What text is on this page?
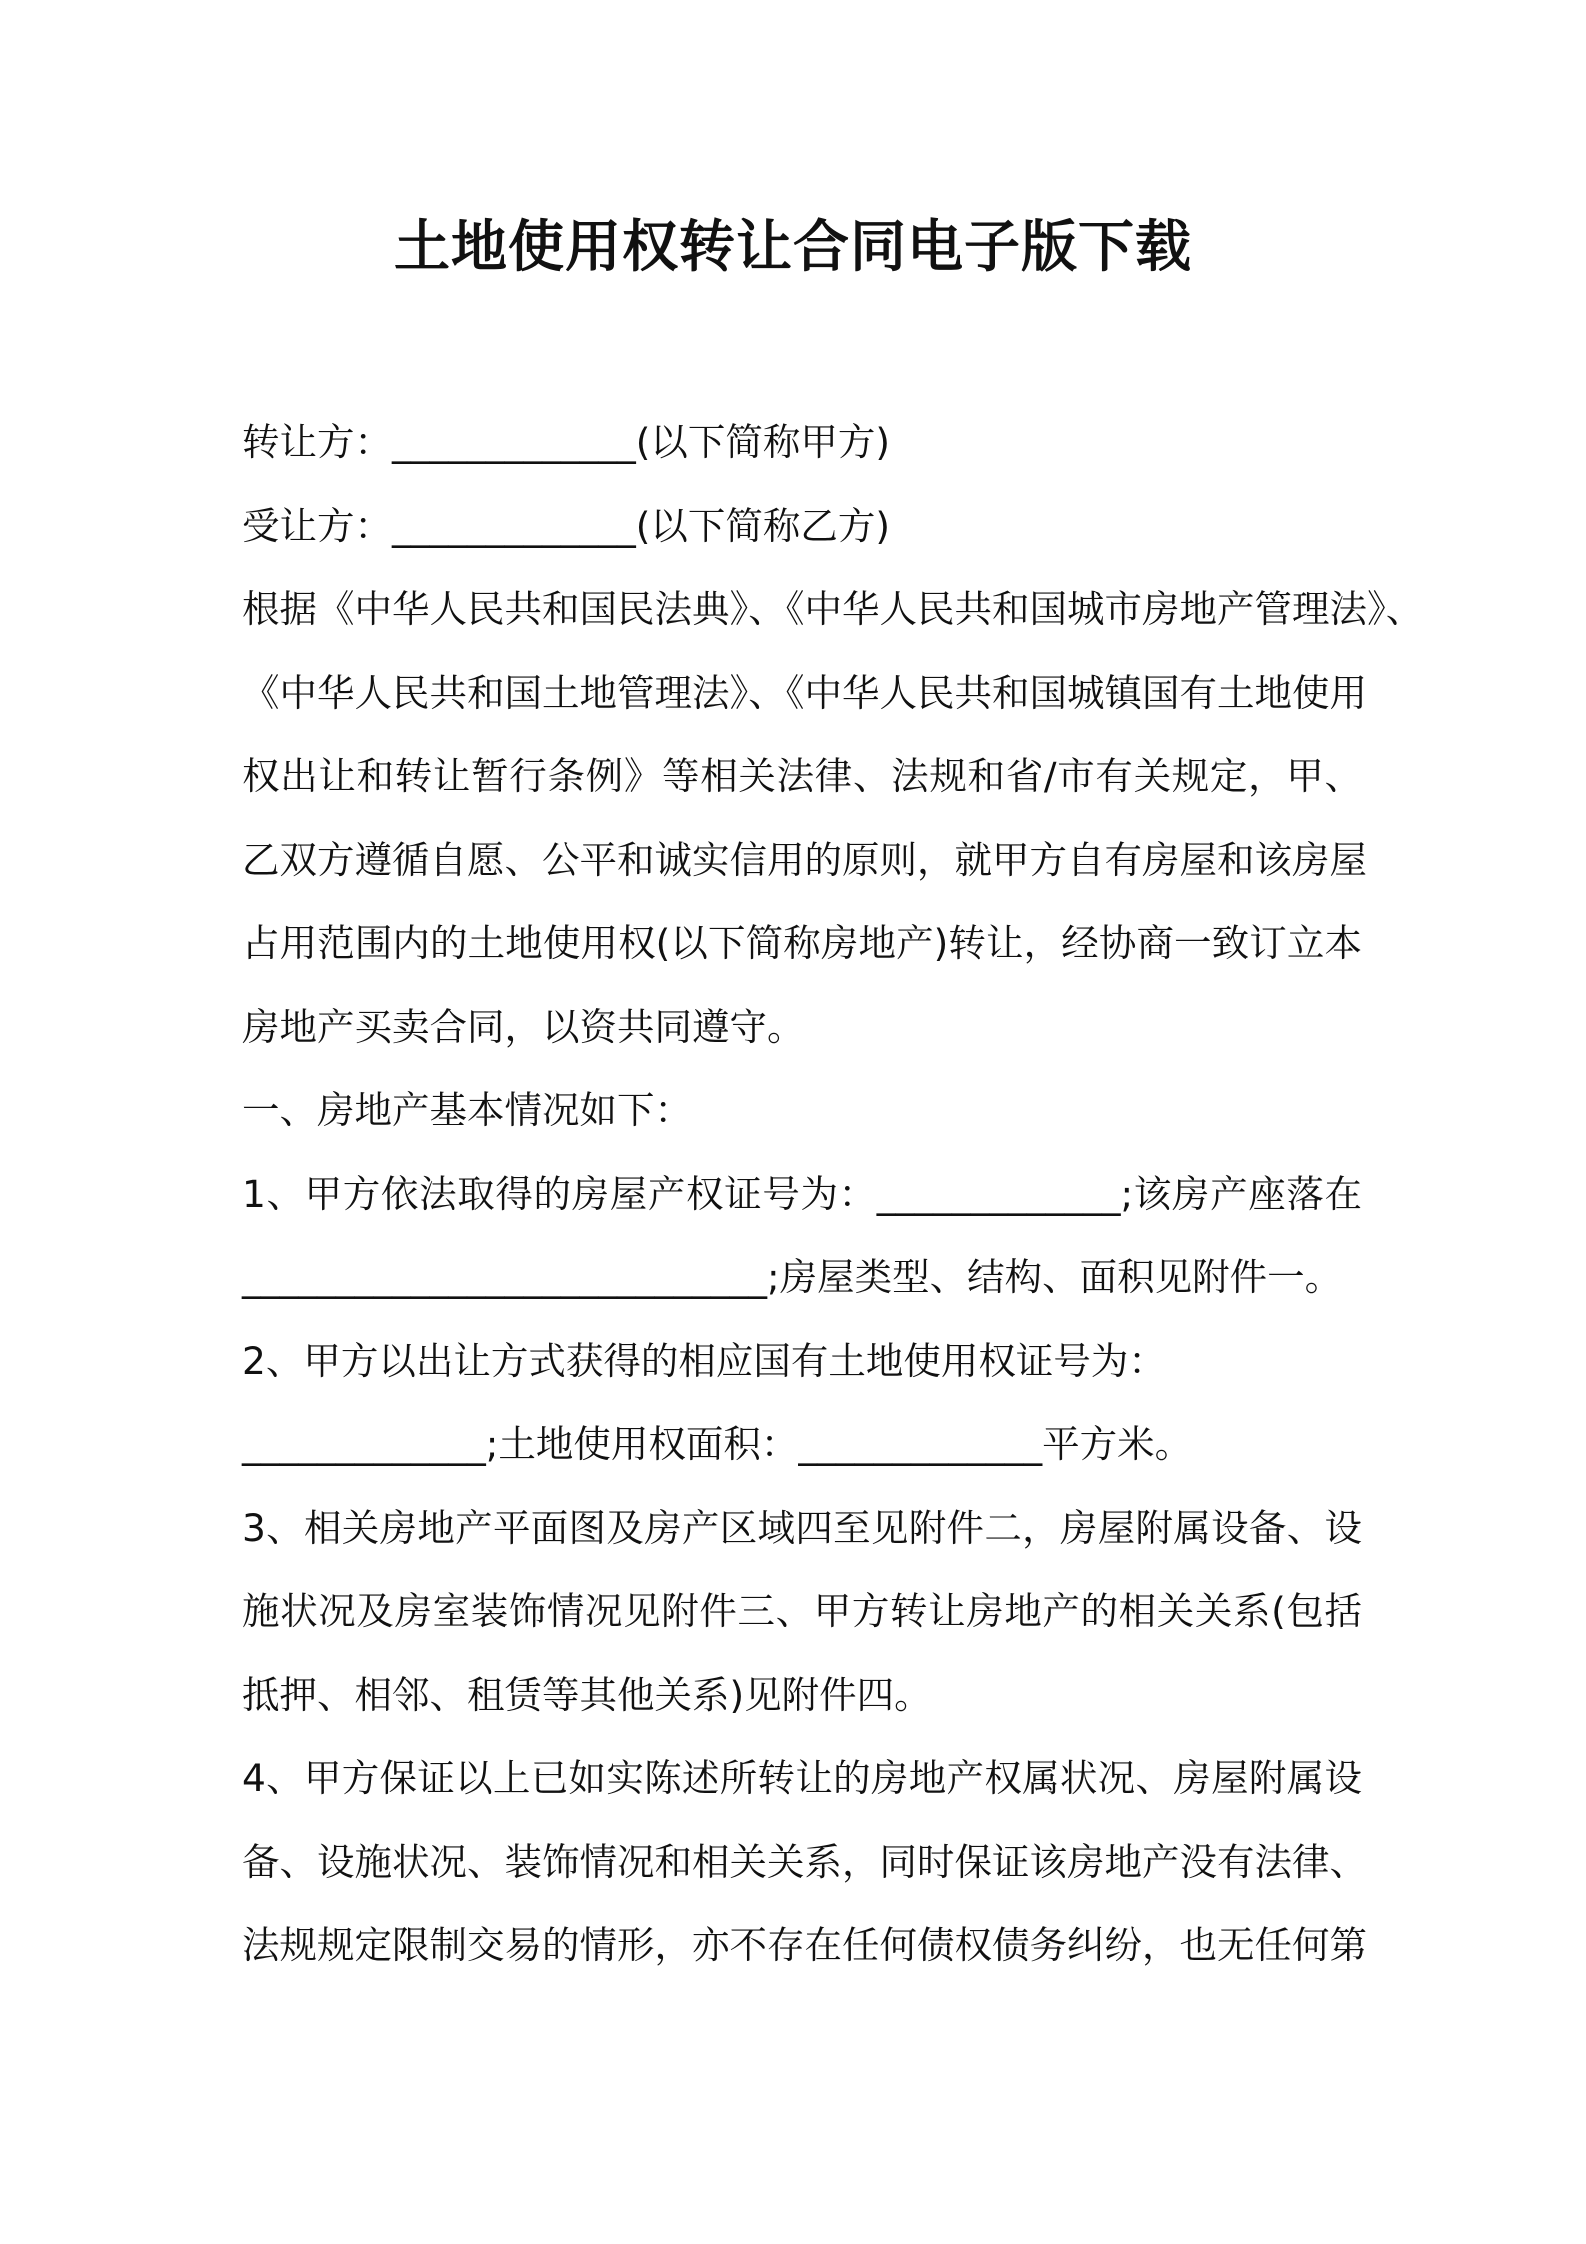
土地使用权转让合同电子版下载
转让方：_____________(以下简称甲方)
受让方：_____________(以下简称乙方)
根据《中华人民共和国民法典》、《中华人民共和国城市房地产管理法》、
《中华人民共和国土地管理法》、《中华人民共和国城镇国有土地使用
权出让和转让暂行条例》等相关法律、法规和省/市有关规定，甲、
乙双方遵循自愿、公平和诚实信用的原则，就甲方自有房屋和该房屋
占用范围内的土地使用权(以下简称房地产)转让，经协商一致订立本
房地产买卖合同，以资共同遵守。
一、房地产基本情况如下：
1、甲方依法取得的房屋产权证号为：_____________;该房产座落在
____________________________;房屋类型、结构、面积见附件一。
2、甲方以出让方式获得的相应国有土地使用权证号为：
_____________;土地使用权面积：_____________平方米。
3、相关房地产平面图及房产区域四至见附件二，房屋附属设备、设
施状况及房室装饰情况见附件三、甲方转让房地产的相关关系(包括
抵押、相邻、租赁等其他关系)见附件四。
4、甲方保证以上已如实陈述所转让的房地产权属状况、房屋附属设
备、设施状况、装饰情况和相关关系，同时保证该房地产没有法律、
法规规定限制交易的情形，亦不存在任何债权债务纠纷，也无任何第
